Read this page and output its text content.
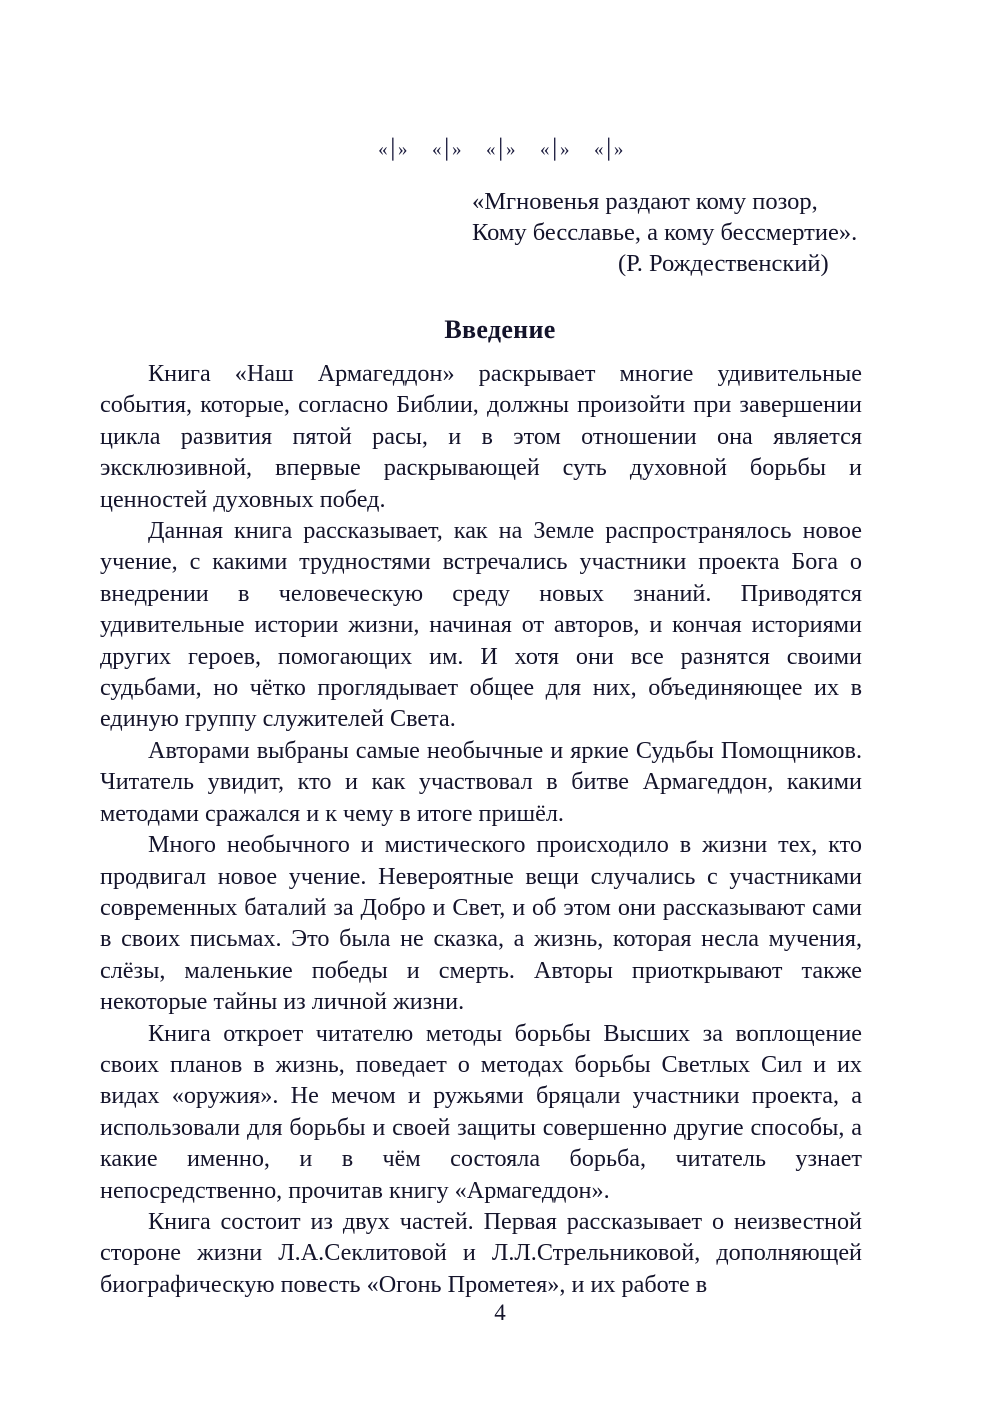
«│» «│» «│» «│» «│»
«Мгновенья раздают кому позор,
Кому бесславье, а кому бессмертие».
(Р. Рождественский)
Введение

Книга «Наш Армагеддон» раскрывает многие удивительные события, которые, согласно Библии, должны произойти при завершении цикла развития пятой расы, и в этом отношении она является эксклюзивной, впервые раскрывающей суть духовной борьбы и ценностей духовных побед.

Данная книга рассказывает, как на Земле распространялось новое учение, с какими трудностями встречались участники проекта Бога о внедрении в человеческую среду новых знаний. Приводятся удивительные истории жизни, начиная от авторов, и кончая историями других героев, помогающих им. И хотя они все разнятся своими судьбами, но чётко проглядывает общее для них, объединяющее их в единую группу служителей Света.

Авторами выбраны самые необычные и яркие Судьбы Помощников. Читатель увидит, кто и как участвовал в битве Армагеддон, какими методами сражался и к чему в итоге пришёл.

Много необычного и мистического происходило в жизни тех, кто продвигал новое учение. Невероятные вещи случались с участниками современных баталий за Добро и Свет, и об этом они рассказывают сами в своих письмах. Это была не сказка, а жизнь, которая несла мучения, слёзы, маленькие победы и смерть. Авторы приоткрывают также некоторые тайны из личной жизни.

Книга откроет читателю методы борьбы Высших за воплощение своих планов в жизнь, поведает о методах борьбы Светлых Сил и их видах «оружия». Не мечом и ружьями бряцали участники проекта, а использовали для борьбы и своей защиты совершенно другие способы, а какие именно, и в чём состояла борьба, читатель узнает непосредственно, прочитав книгу «Армагеддон».

Книга состоит из двух частей. Первая рассказывает о неизвестной стороне жизни Л.А.Секлитовой и Л.Л.Стрельниковой, дополняющей биографическую повесть «Огонь Прометея», и их работе в

4
